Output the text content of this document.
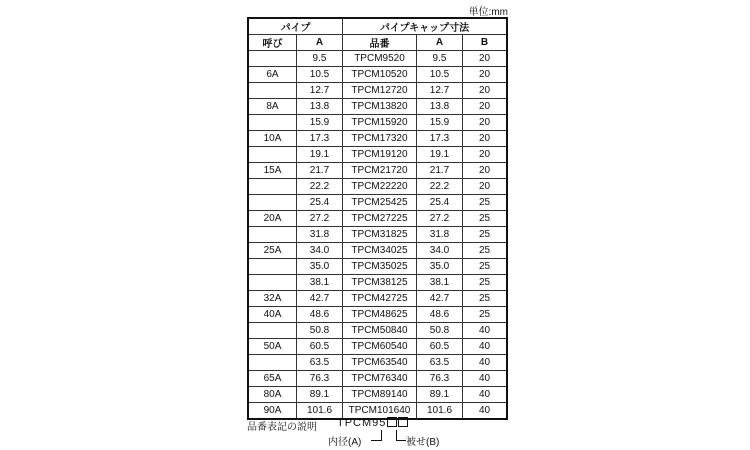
単位:mm
パイプ		パイプキャップ寸法		
呼び	A	品番	A	B
	9.5	TPCM9520	9.5	20
6A	10.5	TPCM10520	10.5	20
	12.7	TPCM12720	12.7	20
8A	13.8	TPCM13820	13.8	20
	15.9	TPCM15920	15.9	20
10A	17.3	TPCM17320	17.3	20
	19.1	TPCM19120	19.1	20
15A	21.7	TPCM21720	21.7	20
	22.2	TPCM22220	22.2	20
	25.4	TPCM25425	25.4	25
20A	27.2	TPCM27225	27.2	25
	31.8	TPCM31825	31.8	25
25A	34.0	TPCM34025	34.0	25
	35.0	TPCM35025	35.0	25
	38.1	TPCM38125	38.1	25
32A	42.7	TPCM42725	42.7	25
40A	48.6	TPCM48625	48.6	25
	50.8	TPCM50840	50.8	40
50A	60.5	TPCM60540	60.5	40
	63.5	TPCM63540	63.5	40
65A	76.3	TPCM76340	76.3	40
80A	89.1	TPCM89140	89.1	40
90A	101.6	TPCM101640	101.6	40
品番表記の説明 TPCM95
内径(A)	被せ(B)
